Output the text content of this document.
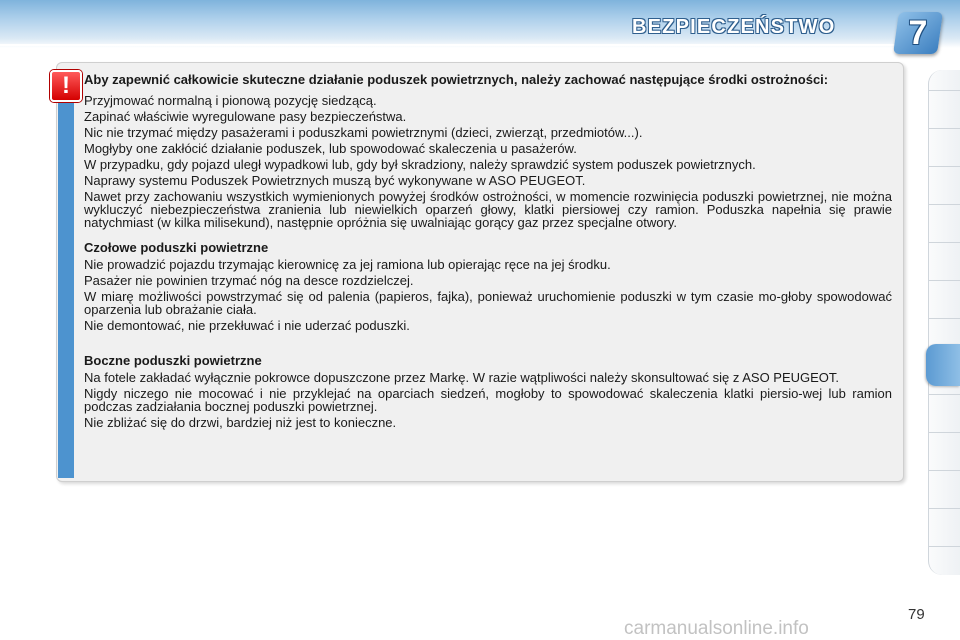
BEZPIECZEŃSTWO	7
!	Aby zapewnić całkowicie skuteczne działanie poduszek powietrznych, należy zachować następujące środki ostrożności:

Przyjmować normalną i pionową pozycję siedzącą.

Zapinać właściwie wyregulowane pasy bezpieczeństwa.

Nic nie trzymać między pasażerami i poduszkami powietrznymi (dzieci, zwierząt, przedmiotów...).

Mogłyby one zakłócić działanie poduszek, lub spowodować skaleczenia u pasażerów.

W przypadku, gdy pojazd uległ wypadkowi lub, gdy był skradziony, należy sprawdzić system poduszek powietrznych.

Naprawy systemu Poduszek Powietrznych muszą być wykonywane w ASO PEUGEOT.

Nawet przy zachowaniu wszystkich wymienionych powyżej środków ostrożności, w momencie rozwinięcia poduszki powietrznej, nie można wykluczyć niebezpieczeństwa zranienia lub niewielkich oparzeń głowy, klatki piersiowej czy ramion. Poduszka napełnia się prawie natychmiast (w kilka milisekund), następnie opróżnia się uwalniając gorący gaz przez specjalne otwory.

Czołowe poduszki powietrzne

Nie prowadzić pojazdu trzymając kierownicę za jej ramiona lub opierając ręce na jej środku.

Pasażer nie powinien trzymać nóg na desce rozdzielczej.

W miarę możliwości powstrzymać się od palenia (papieros, fajka), ponieważ uruchomienie poduszki w tym czasie mo-głoby spowodować oparzenia lub obrażanie ciała.

Nie demontować, nie przekłuwać i nie uderzać poduszki.

Boczne poduszki powietrzne

Na fotele zakładać wyłącznie pokrowce dopuszczone przez Markę. W razie wątpliwości należy skonsultować się z ASO PEUGEOT.

Nigdy niczego nie mocować i nie przyklejać na oparciach siedzeń, mogłoby to spowodować skaleczenia klatki piersio-wej lub ramion podczas zadziałania bocznej poduszki powietrznej.

Nie zbliżać się do drzwi, bardziej niż jest to konieczne.

79
carmanualsonline.info
